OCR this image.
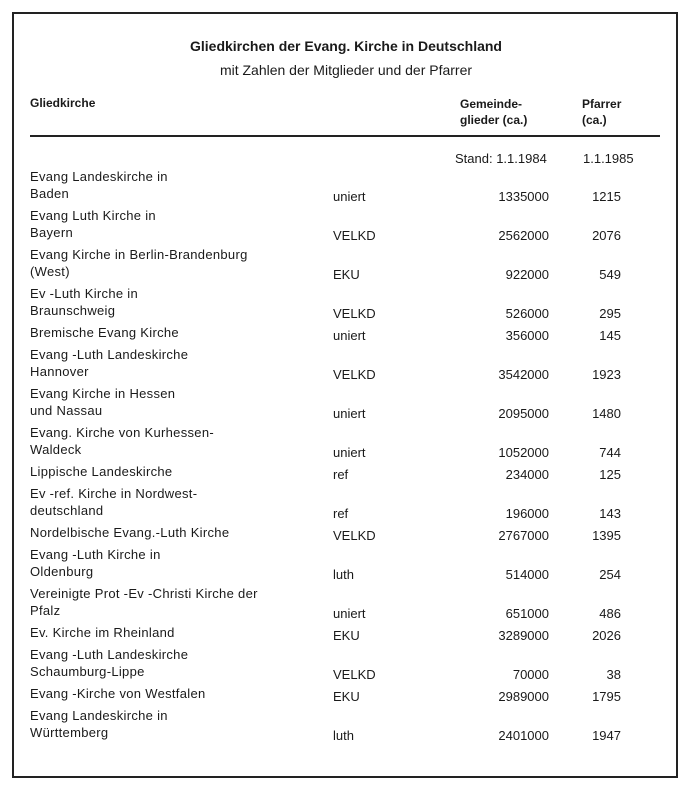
Gliedkirchen der Evang. Kirche in Deutschland
mit Zahlen der Mitglieder und der Pfarrer
Gliedkirche	Gemeinde-
glieder (ca.)
Pfarrer
(ca.)
Stand: 1.1.1984	1.1.1985
Evang Landeskirche in
Baden	uniert	1335000	1215
Evang Luth Kirche in
Bayern	VELKD	2562000	2076
Evang Kirche in Berlin-Brandenburg
(West)	EKU	922000	549
Ev -Luth Kirche in
Braunschweig	VELKD	526000	295
Bremische Evang Kirche	uniert	356000	145
Evang -Luth Landeskirche
Hannover	VELKD	3542000	1923
Evang Kirche in Hessen
und Nassau	uniert	2095000	1480
Evang. Kirche von Kurhessen-
Waldeck	uniert	1052000	744
Lippische Landeskirche	ref	234000	125
Ev -ref. Kirche in Nordwest-
deutschland	ref	196000	143
Nordelbische Evang.-Luth Kirche	VELKD	2767000	1395
Evang -Luth Kirche in
Oldenburg	luth	514000	254
Vereinigte Prot -Ev -Christi Kirche der
Pfalz	uniert	651000	486
Ev. Kirche im Rheinland	EKU	3289000	2026
Evang -Luth Landeskirche
Schaumburg-Lippe	VELKD	70000	38
Evang -Kirche von Westfalen	EKU	2989000	1795
Evang Landeskirche in
Württemberg	luth	2401000	1947
